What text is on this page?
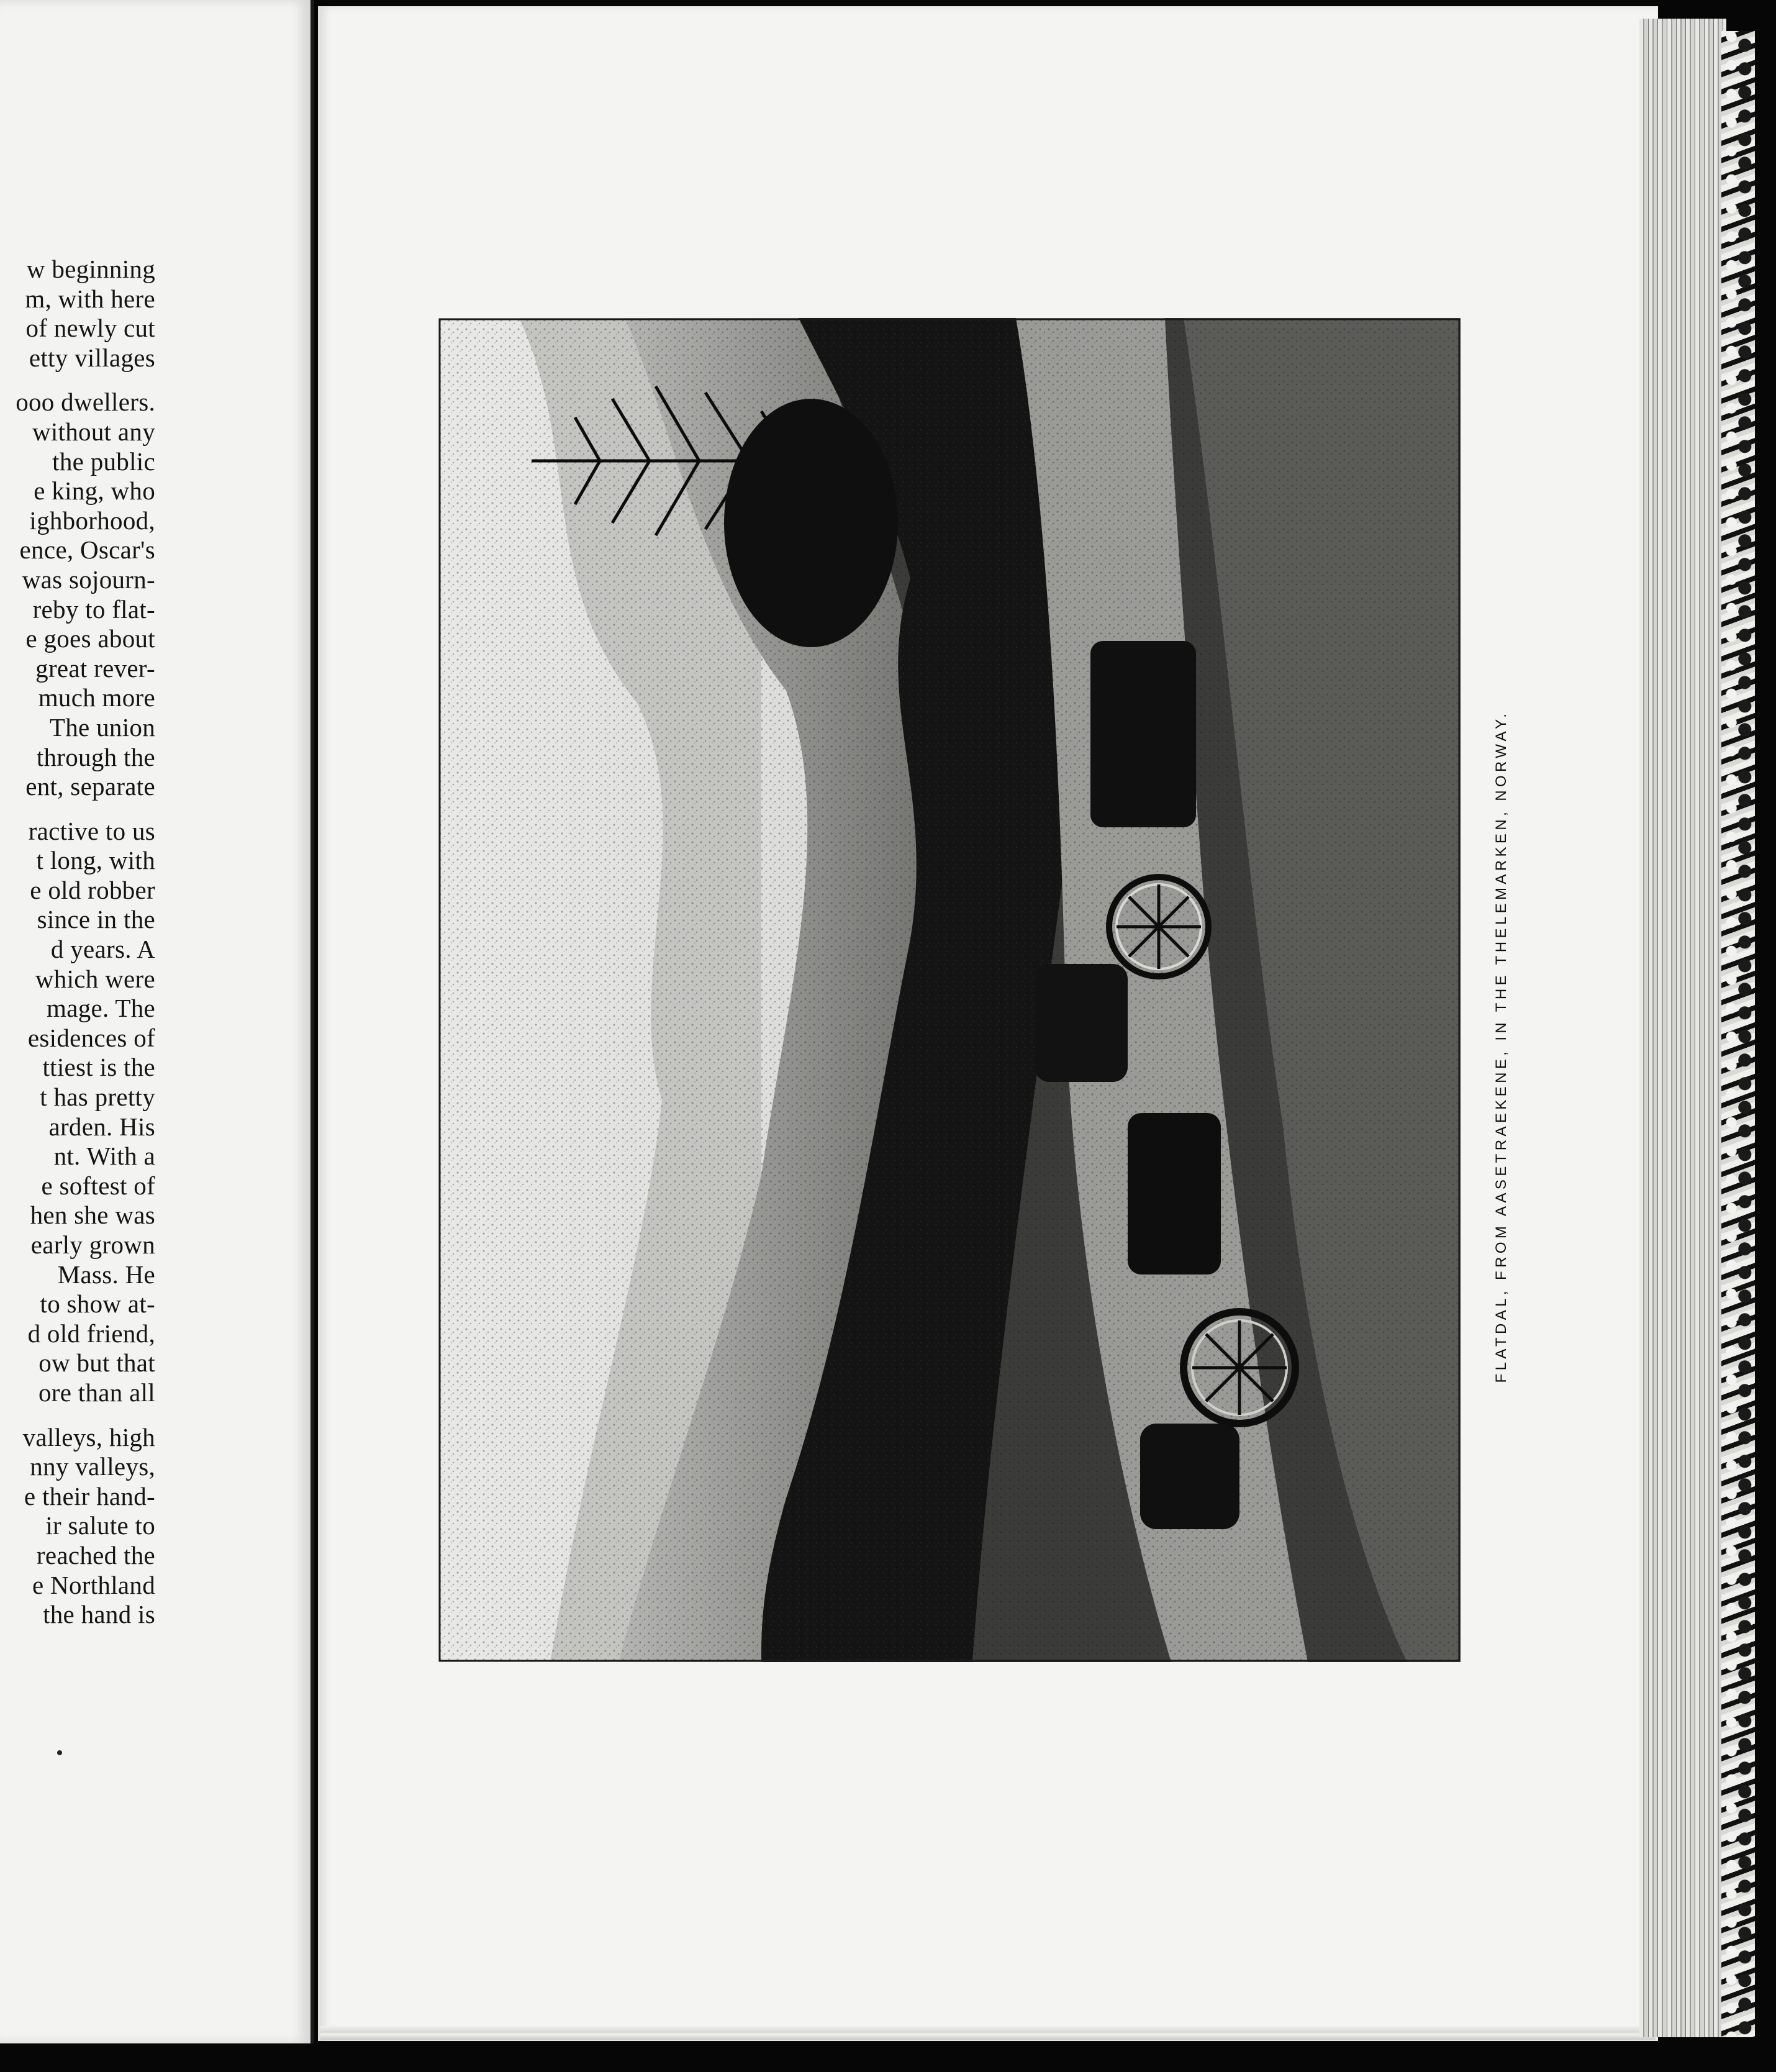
w beginning
m, with here
of newly cut
etty villages
ooo dwellers.
without any
the public
e king, who
ighborhood,
ence, Oscar's
was sojourn-
reby to flat-
e goes about
great rever-
much more
The union
through the
ent, separate
ractive to us
t long, with
e old robber
since in the
d years. A
which were
mage. The
esidences of
ttiest is the
t has pretty
arden. His
nt. With a
e softest of
hen she was
early grown
Mass. He
to show at-
d old friend,
ow but that
ore than all
valleys, high
nny valleys,
e their hand-
ir salute to
reached the
e Northland
the hand is
FLATDAL, FROM AASETRAEKENE, IN THE THELEMARKEN, NORWAY.
